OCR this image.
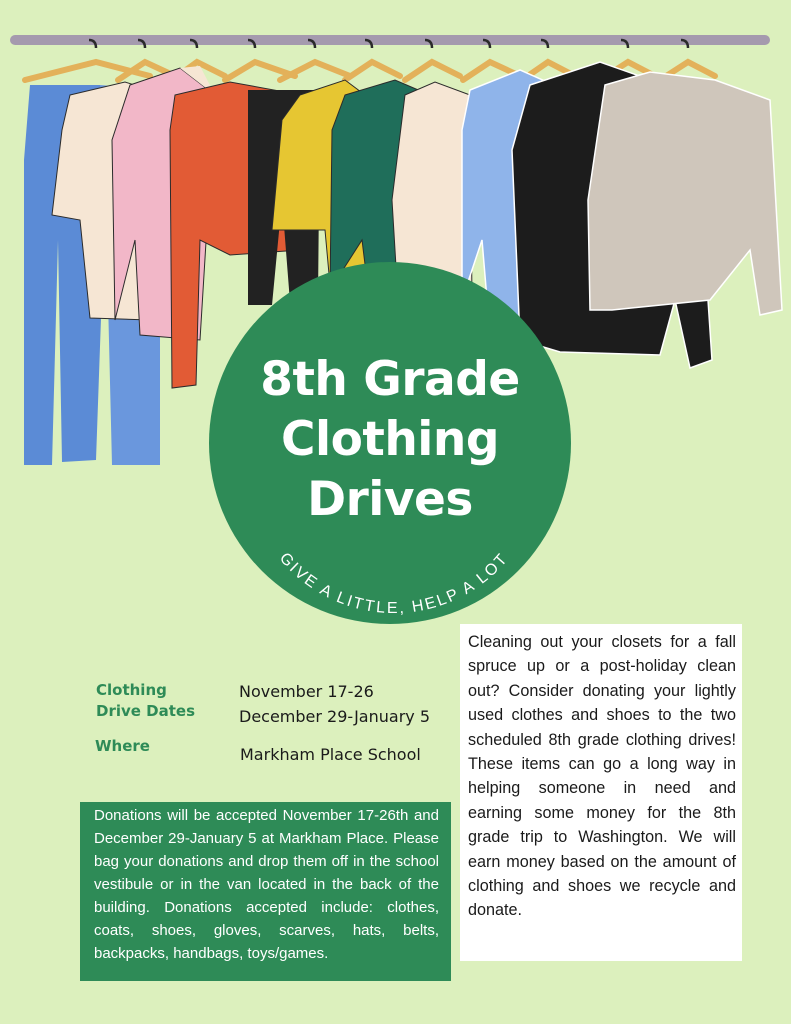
8th Grade
Clothing
Drives
GIVE A LITTLE, HELP A LOT
Clothing
Drive Dates
November 17-26
December 29-January 5
Where	Markham Place School
Donations will be accepted November 17-26th and December 29-January 5 at Markham Place. Please bag your donations and drop them off in the school vestibule or in the van located in the back of the building. Donations accepted include: clothes, coats, shoes, gloves, scarves, hats, belts, backpacks, handbags, toys/games.
Cleaning out your closets for a fall spruce up or a post-holiday clean out? Consider donating your lightly used clothes and shoes to the two scheduled 8th grade clothing drives! These items can go a long way in helping someone in need and earning some money for the 8th grade trip to Washington. We will earn money based on the amount of clothing and shoes we recycle and donate.
